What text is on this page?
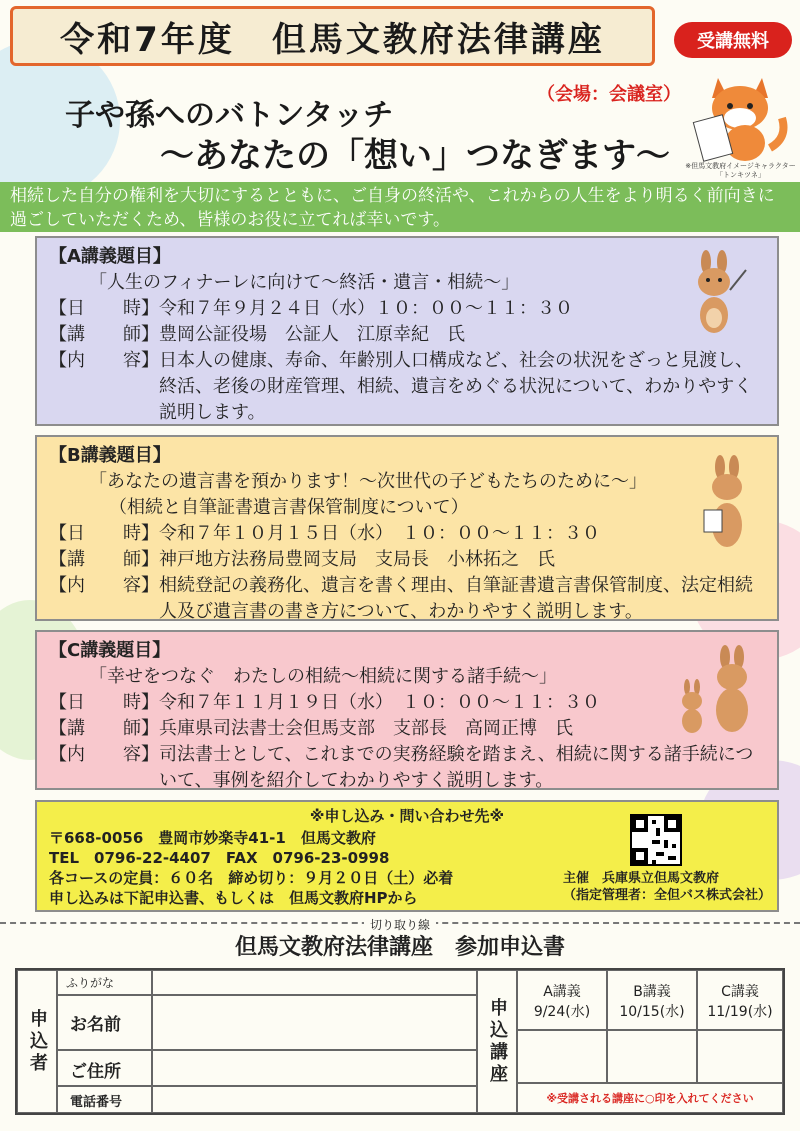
令和7年度　但馬文教府法律講座	受講無料
（会場：会議室）
子や孫へのバトンタッチ
～あなたの「想い」つなぎます～	※但馬文教府イメージキャラクター
「トンキツネ」
相続した自分の権利を大切にするとともに、ご自身の終活や、これからの人生をより明るく前向きに過ごしていただくため、皆様のお役に立てれば幸いです。
【A講義題目】
「人生のフィナーレに向けて～終活・遺言・相続～」
【日 時】 令和７年９月２４日（水）１０：００～１１：３０
【講 師】 豊岡公証役場　公証人　江原幸紀　氏
【内 容】 日本人の健康、寿命、年齢別人口構成など、社会の状況をざっと見渡し、終活、老後の財産管理、相続、遺言をめぐる状況について、わかりやすく説明します。
【B講義題目】
「あなたの遺言書を預かります！～次世代の子どもたちのために～」
（相続と自筆証書遺言書保管制度について）
【日 時】 令和７年１０月１５日（水）　１０：００～１１：３０
【講 師】 神戸地方法務局豊岡支局　支局長　小林拓之　氏
【内 容】 相続登記の義務化、遺言を書く理由、自筆証書遺言書保管制度、法定相続人及び遺言書の書き方について、わかりやすく説明します。
【C講義題目】
「幸せをつなぐ　わたしの相続～相続に関する諸手続～」
【日 時】 令和７年１１月１９日（水）　１０：００～１１：３０
【講 師】 兵庫県司法書士会但馬支部　支部長　高岡正博　氏
【内 容】 司法書士として、これまでの実務経験を踏まえ、相続に関する諸手続について、事例を紹介してわかりやすく説明します。
※申し込み・問い合わせ先※
〒668-0056　豊岡市妙楽寺41-1　但馬文教府
TEL　0796-22-4407　FAX　0796-23-0998
各コースの定員：６０名　締め切り：９月２０日（土）必着
申し込みは下記申込書、もしくは　但馬文教府HPから
主催　兵庫県立但馬文教府
（指定管理者：全但バス株式会社）
切り取り線
但馬文教府法律講座　参加申込書
申込者
ふりがな
お名前
ご住所
電話番号
申込講座
A講義
9/24(水)
B講義
10/15(水)
C講義
11/19(水)
※受講される講座に○印を入れてください
